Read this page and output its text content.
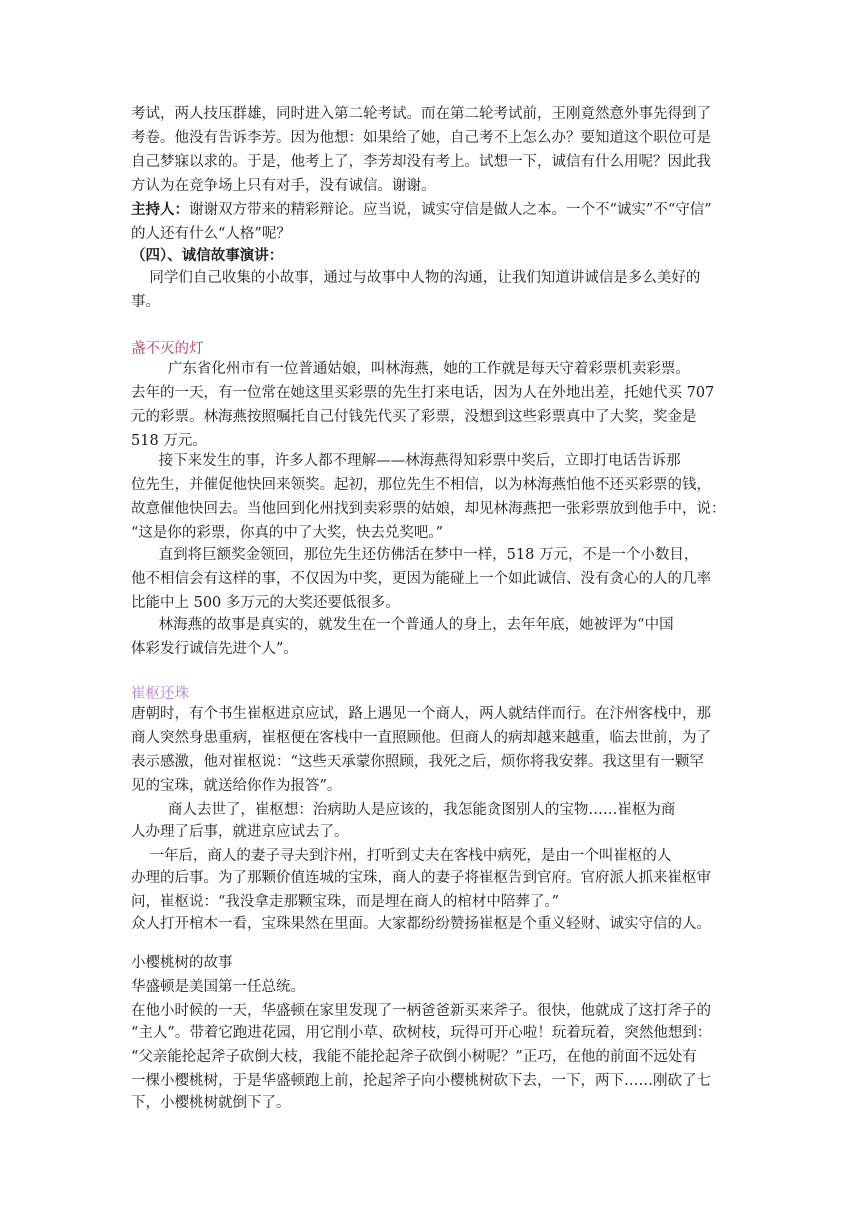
考试，两人技压群雄，同时进入第二轮考试。而在第二轮考试前，王刚竟然意外事先得到了
考卷。他没有告诉李芳。因为他想：如果给了她，自己考不上怎么办？要知道这个职位可是
自己梦寐以求的。于是，他考上了，李芳却没有考上。试想一下，诚信有什么用呢？因此我
方认为在竞争场上只有对手，没有诚信。谢谢。
主持人：谢谢双方带来的精彩辩论。应当说，诚实守信是做人之本。一个不“诚实”不“守信”
的人还有什么“人格”呢？
（四）、诚信故事演讲：
同学们自己收集的小故事，通过与故事中人物的沟通，让我们知道讲诚信是多么美好的
事。
盏不灭的灯
广东省化州市有一位普通姑娘，叫林海燕，她的工作就是每天守着彩票机卖彩票。
去年的一天，有一位常在她这里买彩票的先生打来电话，因为人在外地出差，托她代买 707
元的彩票。林海燕按照嘱托自己付钱先代买了彩票，没想到这些彩票真中了大奖，奖金是
518 万元。
接下来发生的事，许多人都不理解——林海燕得知彩票中奖后，立即打电话告诉那
位先生，并催促他快回来领奖。起初，那位先生不相信，以为林海燕怕他不还买彩票的钱，
故意催他快回去。当他回到化州找到卖彩票的姑娘，却见林海燕把一张彩票放到他手中，说：
“这是你的彩票，你真的中了大奖，快去兑奖吧。”
直到将巨额奖金领回，那位先生还仿佛活在梦中一样，518 万元，不是一个小数目，
他不相信会有这样的事，不仅因为中奖，更因为能碰上一个如此诚信、没有贪心的人的几率
比能中上 500 多万元的大奖还要低很多。
林海燕的故事是真实的，就发生在一个普通人的身上，去年年底，她被评为“中国
体彩发行诚信先进个人”。
崔枢还珠
唐朝时，有个书生崔枢进京应试，路上遇见一个商人，两人就结伴而行。在汴州客栈中，那
商人突然身患重病，崔枢便在客栈中一直照顾他。但商人的病却越来越重，临去世前，为了
表示感激，他对崔枢说：“这些天承蒙你照顾，我死之后，烦你将我安葬。我这里有一颗罕
见的宝珠，就送给你作为报答”。
商人去世了，崔枢想：治病助人是应该的，我怎能贪图别人的宝物……崔枢为商
人办理了后事，就进京应试去了。
一年后，商人的妻子寻夫到汴州，打听到丈夫在客栈中病死，是由一个叫崔枢的人
办理的后事。为了那颗价值连城的宝珠，商人的妻子将崔枢告到官府。官府派人抓来崔枢审
问，崔枢说：“我没拿走那颗宝珠，而是埋在商人的棺材中陪葬了。”
众人打开棺木一看，宝珠果然在里面。大家都纷纷赞扬崔枢是个重义轻财、诚实守信的人。
小樱桃树的故事
华盛顿是美国第一任总统。
在他小时候的一天，华盛顿在家里发现了一柄爸爸新买来斧子。很快，他就成了这打斧子的
“主人”。带着它跑进花园，用它削小草、砍树枝，玩得可开心啦！玩着玩着，突然他想到：
“父亲能抡起斧子砍倒大枝，我能不能抡起斧子砍倒小树呢？”正巧，在他的前面不远处有
一棵小樱桃树，于是华盛顿跑上前，抡起斧子向小樱桃树砍下去，一下，两下……刚砍了七
下，小樱桃树就倒下了。
